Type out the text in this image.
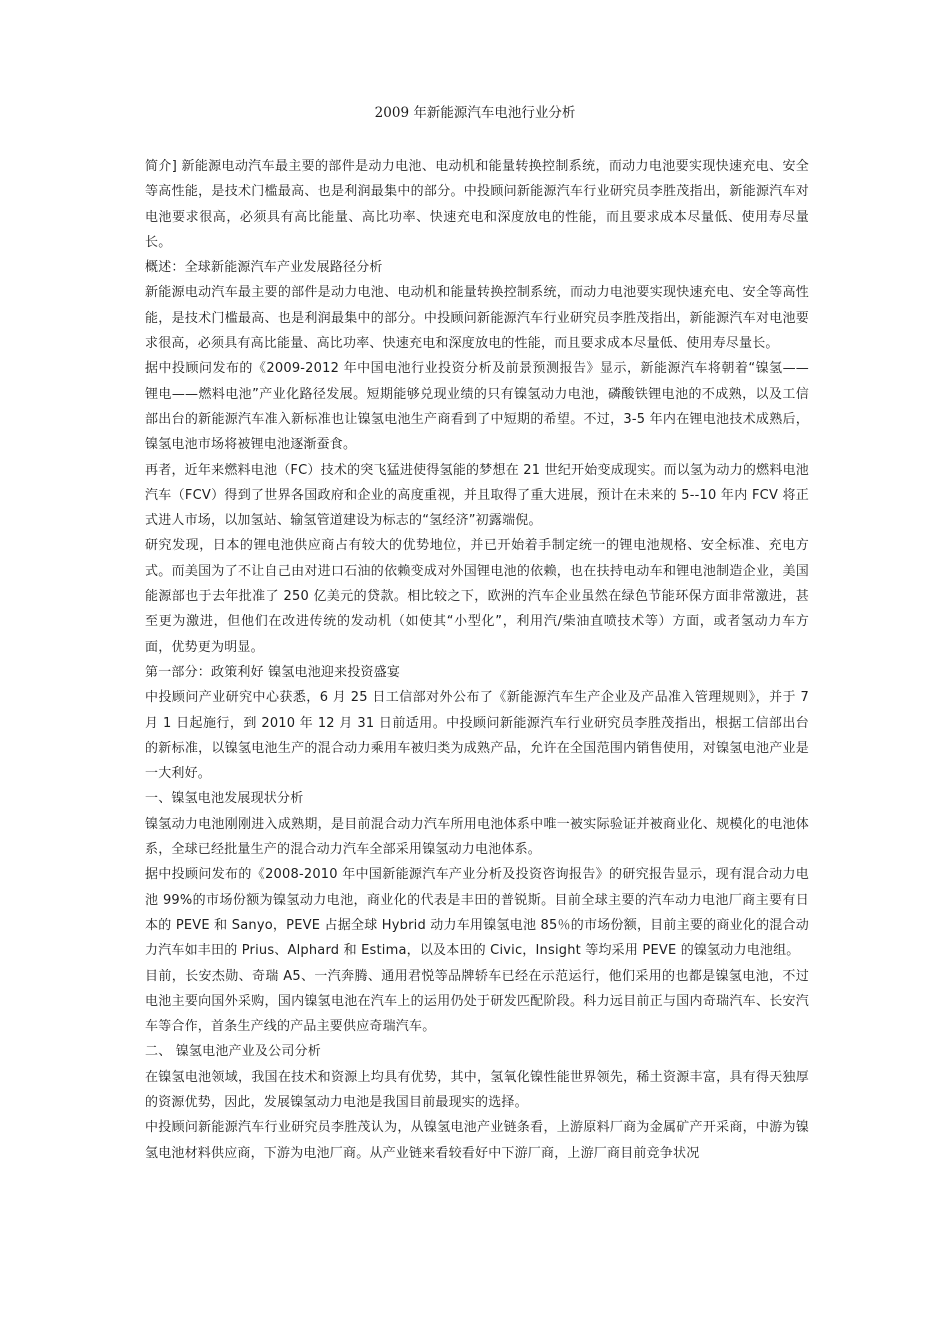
2009 年新能源汽车电池行业分析

简介] 新能源电动汽车最主要的部件是动力电池、电动机和能量转换控制系统，而动力电池要实现快速充电、安全等高性能，是技术门槛最高、也是利润最集中的部分。中投顾问新能源汽车行业研究员李胜茂指出，新能源汽车对电池要求很高，必须具有高比能量、高比功率、快速充电和深度放电的性能，而且要求成本尽量低、使用寿尽量长。

概述：全球新能源汽车产业发展路径分析

新能源电动汽车最主要的部件是动力电池、电动机和能量转换控制系统，而动力电池要实现快速充电、安全等高性能，是技术门槛最高、也是利润最集中的部分。中投顾问新能源汽车行业研究员李胜茂指出，新能源汽车对电池要求很高，必须具有高比能量、高比功率、快速充电和深度放电的性能，而且要求成本尽量低、使用寿尽量长。

据中投顾问发布的《2009-2012 年中国电池行业投资分析及前景预测报告》显示，新能源汽车将朝着“镍氢——锂电——燃料电池”产业化路径发展。短期能够兑现业绩的只有镍氢动力电池，磷酸铁锂电池的不成熟，以及工信部出台的新能源汽车准入新标准也让镍氢电池生产商看到了中短期的希望。不过，3-5 年内在锂电池技术成熟后，镍氢电池市场将被锂电池逐渐蚕食。

再者，近年来燃料电池（FC）技术的突飞猛进使得氢能的梦想在 21 世纪开始变成现实。而以氢为动力的燃料电池汽车（FCV）得到了世界各国政府和企业的高度重视，并且取得了重大进展，预计在未来的 5--10 年内 FCV 将正式进人市场，以加氢站、输氢管道建设为标志的“氢经济”初露端倪。

研究发现，日本的锂电池供应商占有较大的优势地位，并已开始着手制定统一的锂电池规格、安全标准、充电方式。而美国为了不让自己由对进口石油的依赖变成对外国锂电池的依赖，也在扶持电动车和锂电池制造企业，美国能源部也于去年批准了 250 亿美元的贷款。相比较之下，欧洲的汽车企业虽然在绿色节能环保方面非常激进，甚至更为激进，但他们在改进传统的发动机（如使其“小型化”，利用汽/柴油直喷技术等）方面，或者氢动力车方面，优势更为明显。

第一部分：政策利好 镍氢电池迎来投资盛宴

中投顾问产业研究中心获悉，6 月 25 日工信部对外公布了《新能源汽车生产企业及产品准入管理规则》，并于 7 月 1 日起施行，到 2010 年 12 月 31 日前适用。中投顾问新能源汽车行业研究员李胜茂指出，根据工信部出台的新标准，以镍氢电池生产的混合动力乘用车被归类为成熟产品，允许在全国范围内销售使用，对镍氢电池产业是一大利好。

一、镍氢电池发展现状分析

镍氢动力电池刚刚进入成熟期，是目前混合动力汽车所用电池体系中唯一被实际验证并被商业化、规模化的电池体系，全球已经批量生产的混合动力汽车全部采用镍氢动力电池体系。

据中投顾问发布的《2008-2010 年中国新能源汽车产业分析及投资咨询报告》的研究报告显示，现有混合动力电池 99%的市场份额为镍氢动力电池，商业化的代表是丰田的普锐斯。目前全球主要的汽车动力电池厂商主要有日本的 PEVE 和 Sanyo，PEVE 占据全球 Hybrid 动力车用镍氢电池 85％的市场份额，目前主要的商业化的混合动力汽车如丰田的 Prius、Alphard 和 Estima，以及本田的 Civic，Insight 等均采用 PEVE 的镍氢动力电池组。

目前，长安杰勋、奇瑞 A5、一汽奔腾、通用君悦等品牌轿车已经在示范运行，他们采用的也都是镍氢电池，不过电池主要向国外采购，国内镍氢电池在汽车上的运用仍处于研发匹配阶段。科力远目前正与国内奇瑞汽车、长安汽车等合作，首条生产线的产品主要供应奇瑞汽车。

二、 镍氢电池产业及公司分析

在镍氢电池领域，我国在技术和资源上均具有优势，其中，氢氧化镍性能世界领先，稀土资源丰富，具有得天独厚的资源优势，因此，发展镍氢动力电池是我国目前最现实的选择。

中投顾问新能源汽车行业研究员李胜茂认为，从镍氢电池产业链条看，上游原料厂商为金属矿产开采商，中游为镍氢电池材料供应商，下游为电池厂商。从产业链来看较看好中下游厂商，上游厂商目前竞争状况
